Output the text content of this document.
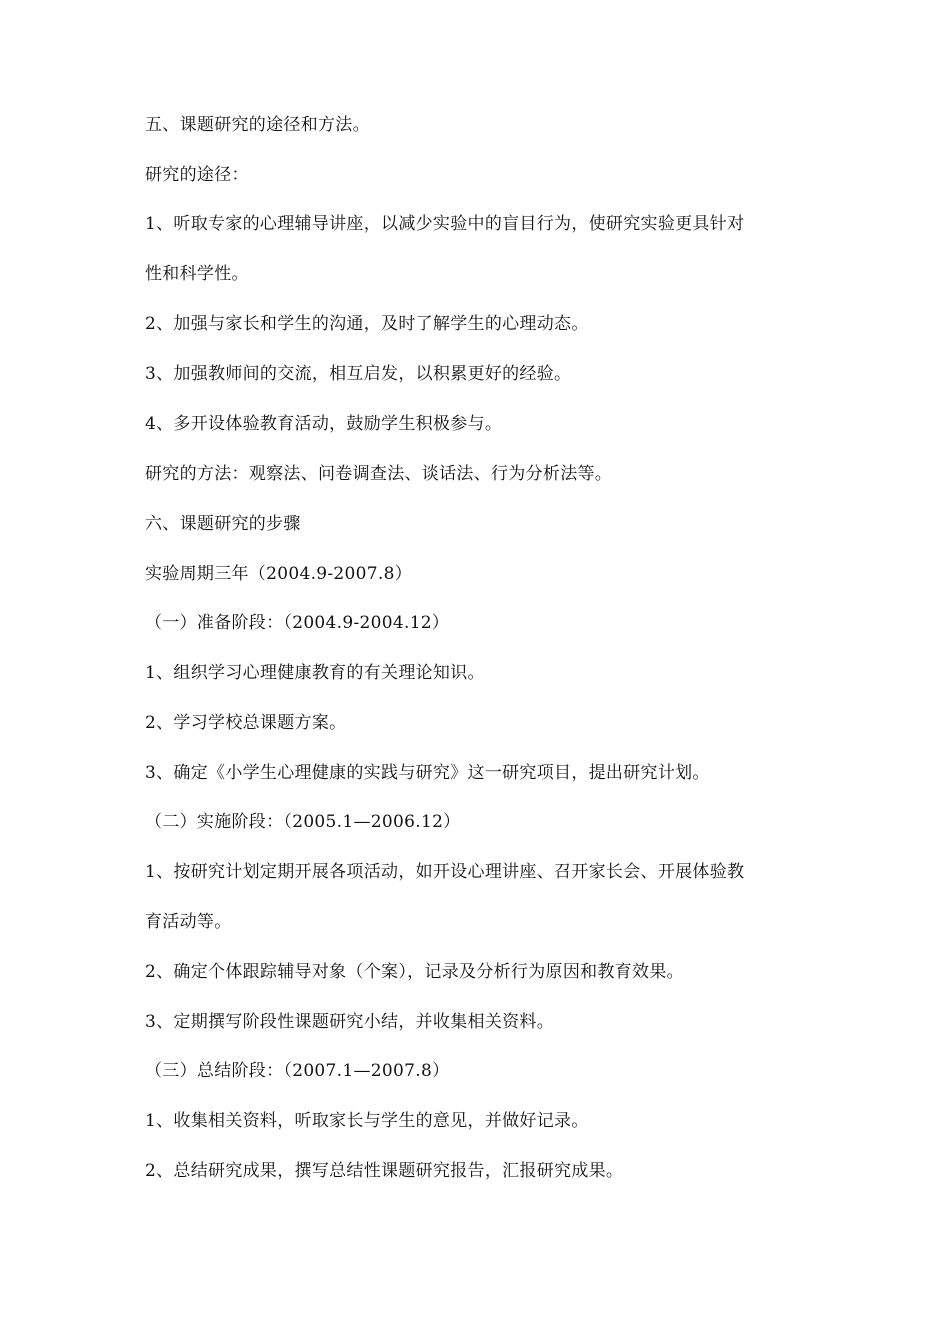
五、课题研究的途径和方法。
研究的途径：
1、听取专家的心理辅导讲座，以减少实验中的盲目行为，使研究实验更具针对
性和科学性。
2、加强与家长和学生的沟通，及时了解学生的心理动态。
3、加强教师间的交流，相互启发，以积累更好的经验。
4、多开设体验教育活动，鼓励学生积极参与。
研究的方法：观察法、问卷调查法、谈话法、行为分析法等。
六、课题研究的步骤
实验周期三年（2004.9-2007.8）
（一）准备阶段：（2004.9-2004.12）
1、组织学习心理健康教育的有关理论知识。
2、学习学校总课题方案。
3、确定《小学生心理健康的实践与研究》这一研究项目，提出研究计划。
（二）实施阶段：（2005.1—2006.12）
1、按研究计划定期开展各项活动，如开设心理讲座、召开家长会、开展体验教
育活动等。
2、确定个体跟踪辅导对象（个案），记录及分析行为原因和教育效果。
3、定期撰写阶段性课题研究小结，并收集相关资料。
（三）总结阶段：（2007.1—2007.8）
1、收集相关资料，听取家长与学生的意见，并做好记录。
2、总结研究成果，撰写总结性课题研究报告，汇报研究成果。
